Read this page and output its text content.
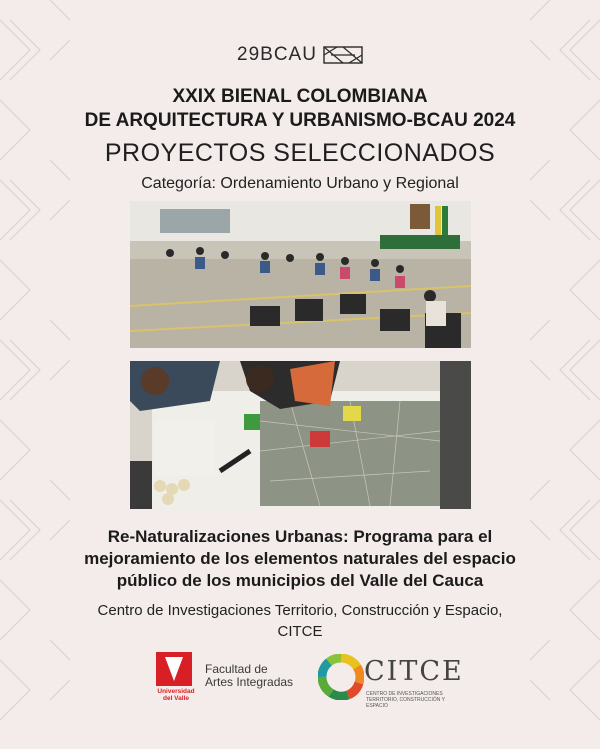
29BCAU
XXIX BIENAL COLOMBIANA
DE ARQUITECTURA Y URBANISMO-BCAU 2024
PROYECTOS SELECCIONADOS
Categoría: Ordenamiento Urbano y Regional
Re-Naturalizaciones Urbanas: Programa para el
mejoramiento de los elementos naturales del espacio
público de los municipios del Valle del Cauca
Centro de Investigaciones Territorio, Construcción y Espacio,
CITCE
Universidad
del Valle
Facultad de
Artes Integradas	CITCE
CENTRO DE INVESTIGACIONES
TERRITORIO, CONSTRUCCIÓN Y ESPACIO
